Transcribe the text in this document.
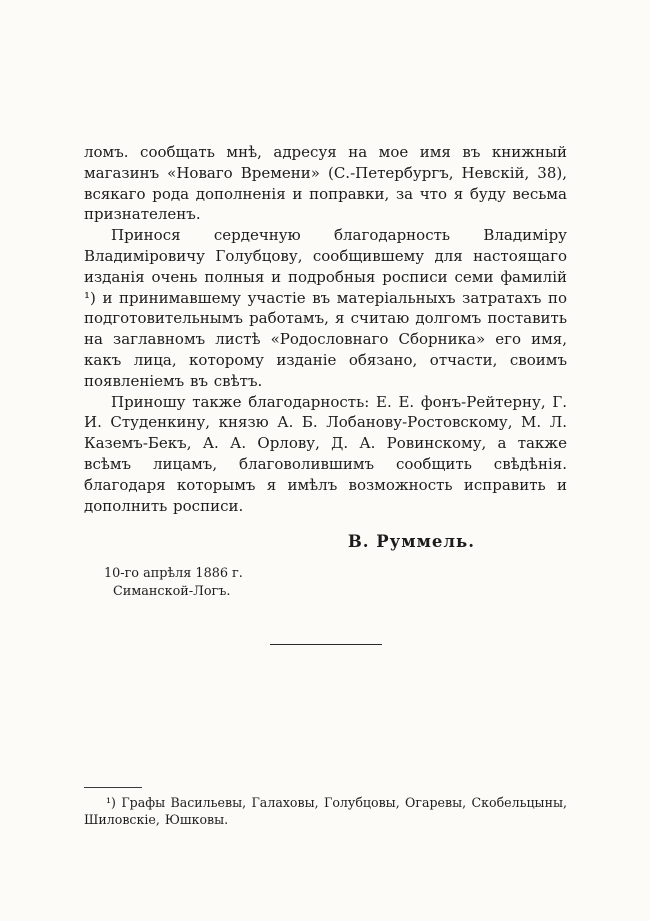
ломъ. сообщать мнѣ, адресуя на мое имя въ книжный магазинъ «Новаго Времени» (С.-Петербургъ, Невскій, 38), всякаго рода дополненія и поправки, за что я буду весьма признателенъ.

Принося сердечную благодарность Владиміру Владиміровичу Голубцову, сообщившему для настоящаго изданія очень полныя и подробныя росписи семи фамилій ¹) и принимавшему участіе въ матеріальныхъ затратахъ по подготовительнымъ работамъ, я считаю долгомъ поставить на заглавномъ листѣ «Родословнаго Сборника» его имя, какъ лица, которому изданіе обязано, отчасти, своимъ появленіемъ въ свѣтъ.

Приношу также благодарность: Е. Е. фонъ-Рейтерну, Г. И. Студенкину, князю А. Б. Лобанову-Ростовскому, М. Л. Каземъ-Бекъ, А. А. Орлову, Д. А. Ровинскому, а также всѣмъ лицамъ, благоволившимъ сообщить свѣдѣнія. благодаря которымъ я имѣлъ возможность исправить и дополнить росписи.

В. Руммель.
10-го апрѣля 1886 г.
Симанской-Логъ.

¹) Графы Васильевы, Галаховы, Голубцовы, Огаревы, Скобельцыны, Шиловскіе, Юшковы.
